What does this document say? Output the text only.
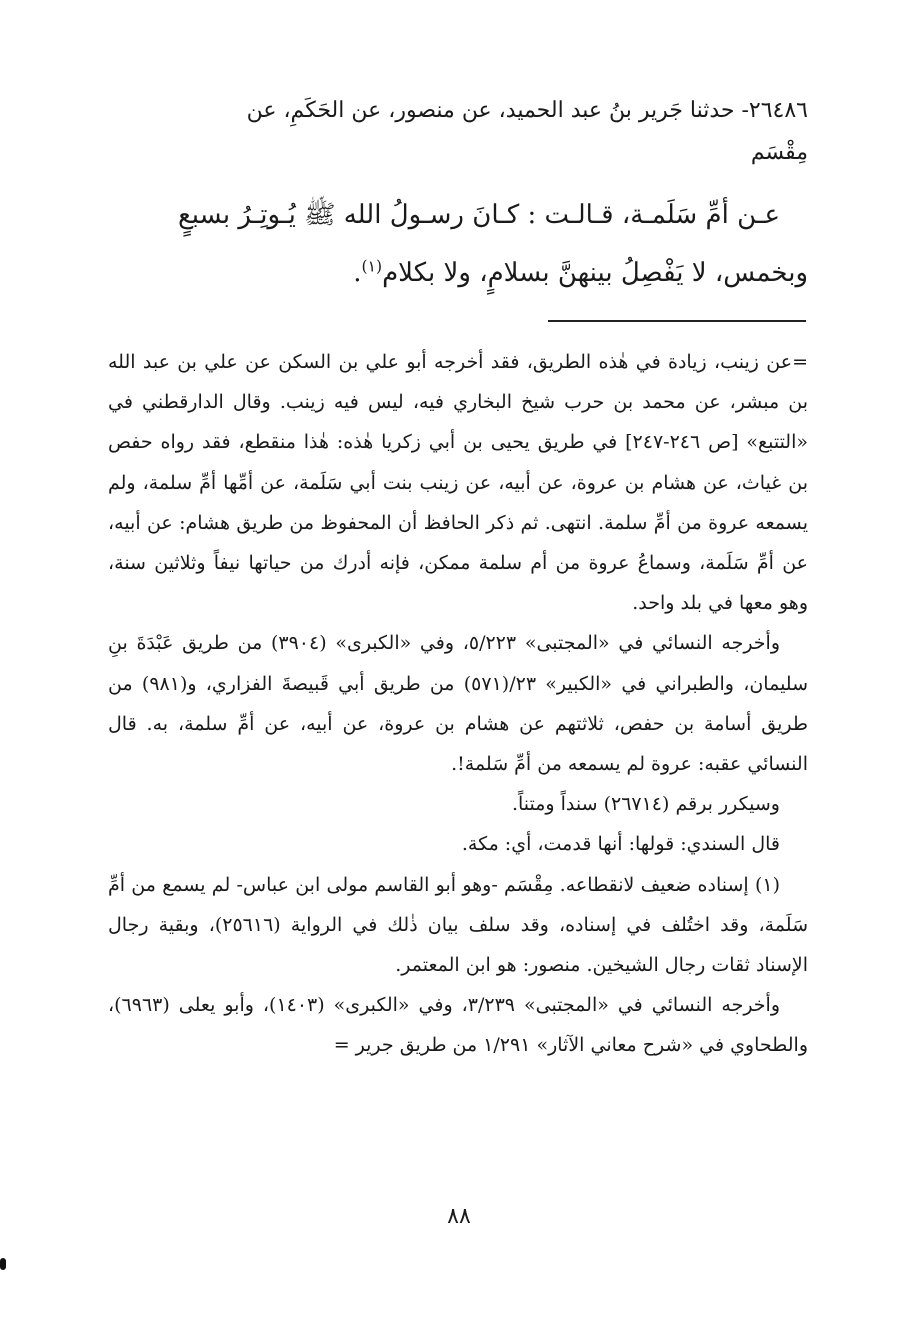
٢٦٤٨٦- حدثنا جَرير بنُ عبد الحميد، عن منصور، عن الحَكَمِ، عن

مِقْسَم

عـن أمِّ سَلَمـة، قـالـت : كـانَ رسـولُ الله ﷺ يُـوتِـرُ بسبعٍ

وبخمس، لا يَفْصِلُ بينهنَّ بسلامٍ، ولا بكلام$^{(١)}$.

=عن زينب، زيادة في هٰذه الطريق، فقد أخرجه أبو علي بن السكن عن علي بن عبد الله بن مبشر، عن محمد بن حرب شيخ البخاري فيه، ليس فيه زينب. وقال الدارقطني في «التتبع» [ص ٢٤٦-٢٤٧] في طريق يحيى بن أبي زكريا هٰذه: هٰذا منقطع، فقد رواه حفص بن غياث، عن هشام بن عروة، عن أبيه، عن زينب بنت أبي سَلَمة، عن أمِّها أمِّ سلمة، ولم يسمعه عروة من أمِّ سلمة. انتهى. ثم ذكر الحافظ أن المحفوظ من طريق هشام: عن أبيه، عن أمِّ سَلَمة، وسماعُ عروة من أم سلمة ممكن، فإنه أدرك من حياتها نيفاً وثلاثين سنة، وهو معها في بلد واحد.

وأخرجه النسائي في «المجتبى» ٥/٢٢٣، وفي «الكبرى» (٣٩٠٤) من طريق عَبْدَةَ بنِ سليمان، والطبراني في «الكبير» ٢٣/(٥٧١) من طريق أبي قَبيصةَ الفزاري، و(٩٨١) من طريق أسامة بن حفص، ثلاثتهم عن هشام بن عروة، عن أبيه، عن أمِّ سلمة، به. قال النسائي عقبه: عروة لم يسمعه من أمِّ سَلمة!.

وسيكرر برقم (٢٦٧١٤) سنداً ومتناً.

قال السندي: قولها: أنها قدمت، أي: مكة.

(١) إسناده ضعيف لانقطاعه. مِقْسَم -وهو أبو القاسم مولى ابن عباس- لم يسمع من أمِّ سَلَمة، وقد اختُلف في إسناده، وقد سلف بيان ذٰلك في الرواية (٢٥٦١٦)، وبقية رجال الإسناد ثقات رجال الشيخين. منصور: هو ابن المعتمر.

وأخرجه النسائي في «المجتبى» ٣/٢٣٩، وفي «الكبرى» (١٤٠٣)، وأبو يعلى (٦٩٦٣)، والطحاوي في «شرح معاني الآثار» ١/٢٩١ من طريق جرير =

٨٨
